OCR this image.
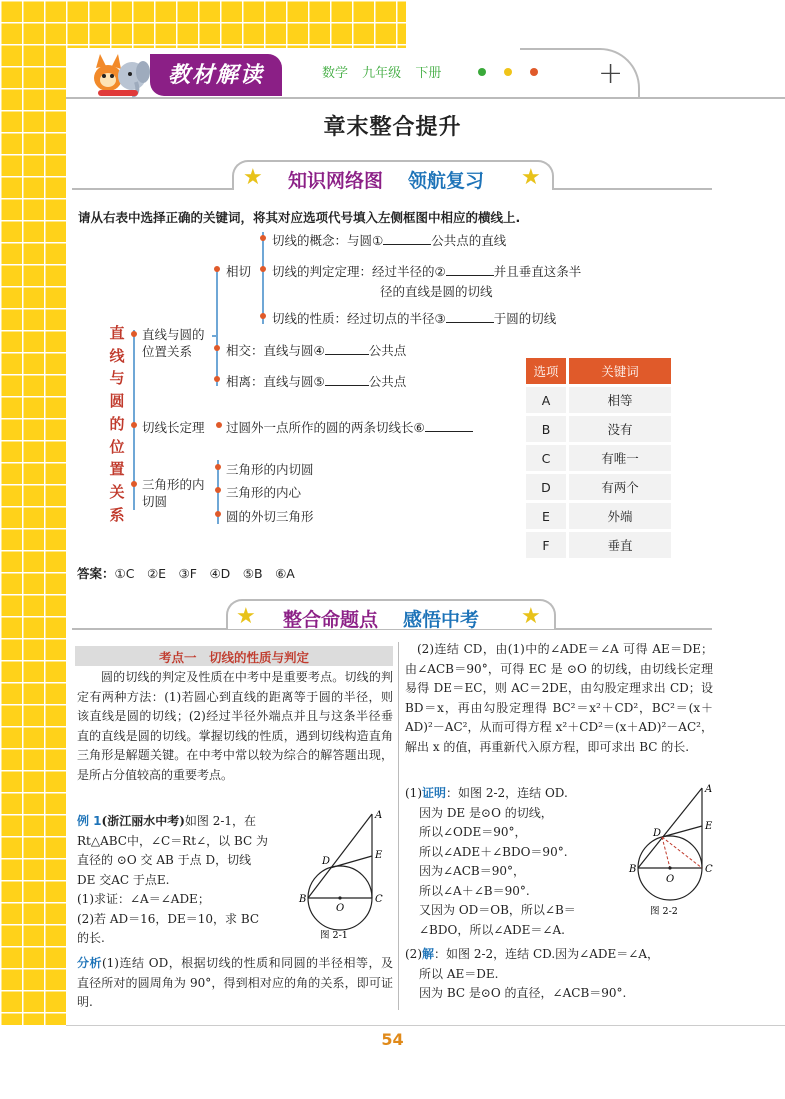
教材解读	数学 九年级 下册	+
章末整合提升
★	★
知识网络图 领航复习
请从右表中选择正确的关键词，将其对应选项代号填入左侧框图中相应的横线上.
直
线
与
圆
的
位
置
关
系
直线与圆的
位置关系
相切
切线的概念：与圆①	公共点的直线
切线的判定定理：经过半径的②	并且垂直这条半
径的直线是圆的切线
切线的性质：经过切点的半径③	于圆的切线
相交：直线与圆④	公共点
相离：直线与圆⑤	公共点
切线长定理 过圆外一点所作的圆的两条切线长⑥
三角形的内
切圆
三角形的内切圆
三角形的内心
圆的外切三角形
选项	关键词
A	相等
B	没有
C	有唯一
D	有两个
E	外端
F	垂直
答案：①C　②E　③F　④D　⑤B　⑥A
★	★
整合命题点 感悟中考
考点一　切线的性质与判定
圆的切线的判定及性质在中考中是重要考点。切线的判定有两种方法：(1)若圆心到直线的距离等于圆的半径，则该直线是圆的切线；(2)经过半径外端点并且与这条半径垂直的直线是圆的切线。掌握切线的性质，遇到切线构造直角三角形是解题关键。在中考中常以较为综合的解答题出现，是所占分值较高的重要考点。
例 1(浙江丽水中考)如图 2-1，在
Rt△ABC中，∠C＝Rt∠，以 BC 为
直径的 ⊙O 交 AB 于点 D，切线
DE 交AC 于点E.
(1)求证：∠A＝∠ADE；
(2)若 AD＝16，DE＝10，求 BC
的长.
A
B	C
D
E
O
图 2-1
分析(1)连结 OD，根据切线的性质和同圆的半径相等，及直径所对的圆周角为 90°，得到相对应的角的关系，即可证明.
(2)连结 CD，由(1)中的∠ADE＝∠A 可得 AE＝DE；由∠ACB＝90°，可得 EC 是 ⊙O 的切线，由切线长定理易得 DE＝EC，则 AC＝2DE，由勾股定理求出 CD；设 BD＝x，再由勾股定理得 BC²＝x²＋CD²，BC²＝(x＋AD)²－AC²，从而可得方程 x²＋CD²＝(x＋AD)²－AC²，解出 x 的值，再重新代入原方程，即可求出 BC 的长.
(1)证明：如图 2-2，连结 OD.
因为 DE 是⊙O 的切线，
所以∠ODE＝90°，
所以∠ADE＋∠BDO＝90°.
因为∠ACB＝90°，
所以∠A＋∠B＝90°.
又因为 OD＝OB，所以∠B＝
∠BDO，所以∠ADE＝∠A.
A
B	C
D
E
O
图 2-2
(2)解：如图 2-2，连结 CD.因为∠ADE＝∠A，
所以 AE＝DE.
因为 BC 是⊙O 的直径，∠ACB＝90°.
54
